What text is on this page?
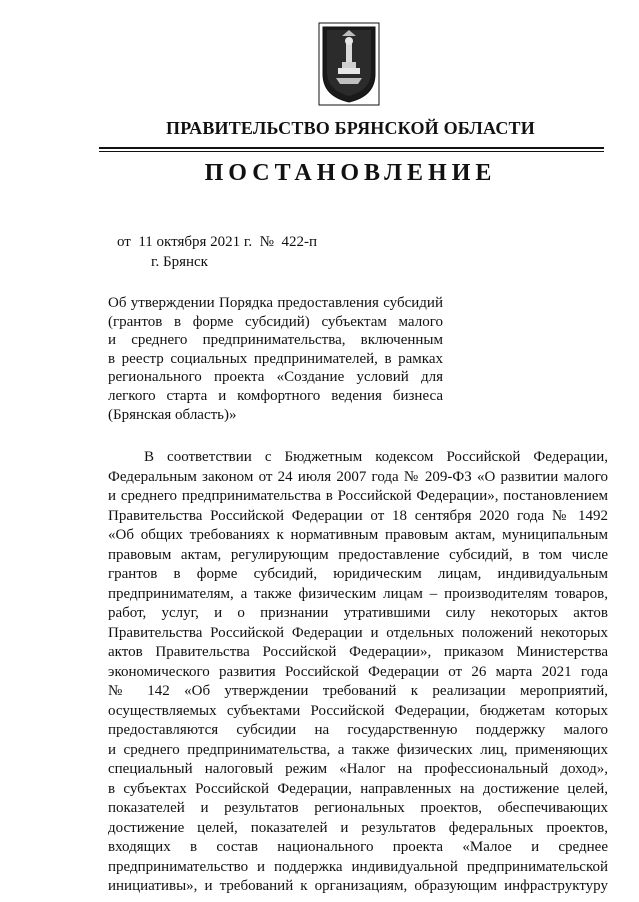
ПРАВИТЕЛЬСТВО БРЯНСКОЙ ОБЛАСТИ
ПОСТАНОВЛЕНИЕ
от 11 октября 2021 г. № 422-п
г. Брянск
Об утверждении Порядка предоставления субсидий
(грантов в форме субсидий) субъектам малого
и среднего предпринимательства, включенным
в реестр социальных предпринимателей, в рамках
регионального проекта «Создание условий для
легкого старта и комфортного ведения бизнеса
(Брянская область)»
В соответствии с Бюджетным кодексом Российской Федерации,
Федеральным законом от 24 июля 2007 года № 209-ФЗ «О развитии малого
и среднего предпринимательства в Российской Федерации», постановлением
Правительства Российской Федерации от 18 сентября 2020 года № 1492
«Об общих требованиях к нормативным правовым актам, муниципальным
правовым актам, регулирующим предоставление субсидий, в том числе
грантов в форме субсидий, юридическим лицам, индивидуальным
предпринимателям, а также физическим лицам – производителям товаров,
работ, услуг, и о признании утратившими силу некоторых актов
Правительства Российской Федерации и отдельных положений некоторых
актов Правительства Российской Федерации», приказом Министерства
экономического развития Российской Федерации от 26 марта 2021 года
№ 142 «Об утверждении требований к реализации мероприятий,
осуществляемых субъектами Российской Федерации, бюджетам которых
предоставляются субсидии на государственную поддержку малого
и среднего предпринимательства, а также физических лиц, применяющих
специальный налоговый режим «Налог на профессиональный доход»,
в субъектах Российской Федерации, направленных на достижение целей,
показателей и результатов региональных проектов, обеспечивающих
достижение целей, показателей и результатов федеральных проектов,
входящих в состав национального проекта «Малое и среднее
предпринимательство и поддержка индивидуальной предпринимательской
инициативы», и требований к организациям, образующим инфраструктуру
